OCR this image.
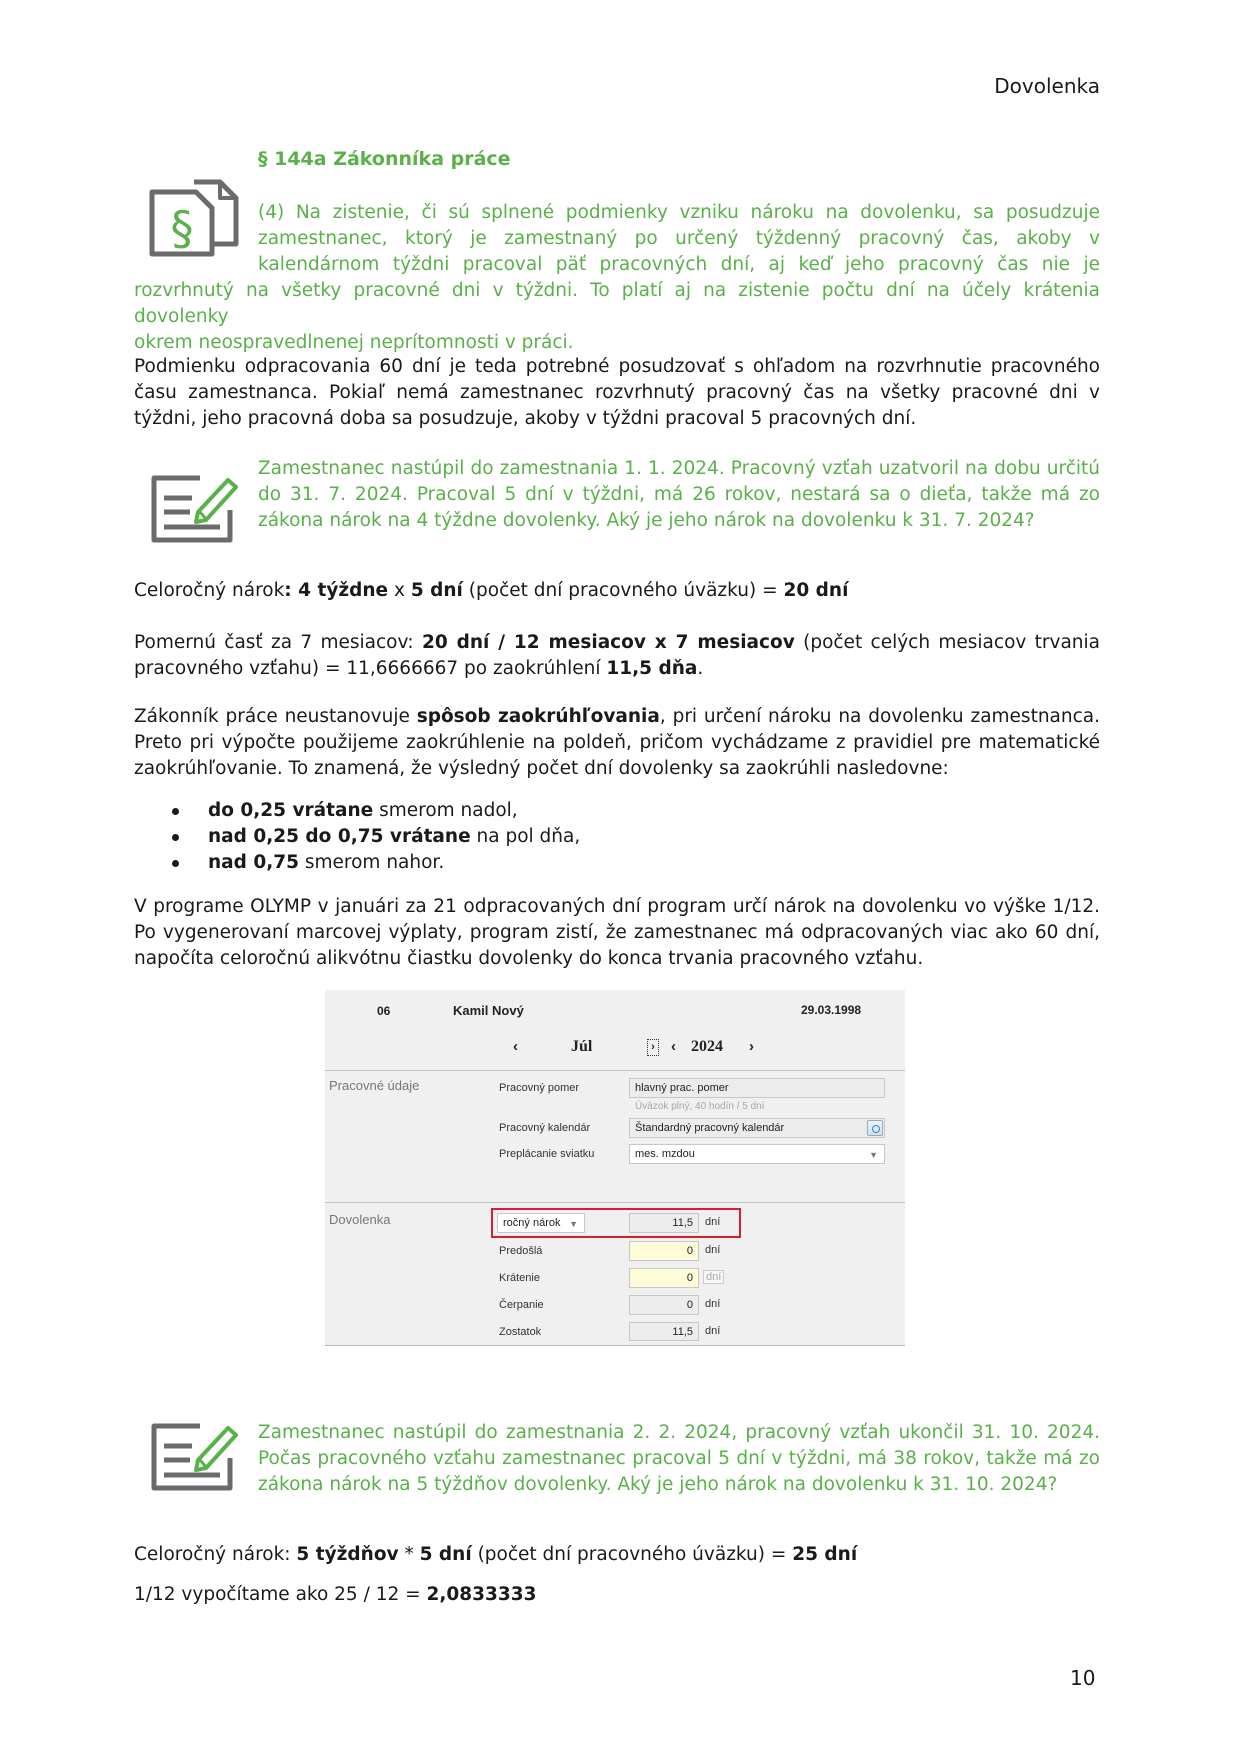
Dovolenka
§
§ 144a Zákonníka práce
(4) Na zistenie, či sú splnené podmienky vzniku nároku na dovolenku, sa posudzuje
zamestnanec, ktorý je zamestnaný po určený týždenný pracovný čas, akoby v
kalendárnom týždni pracoval päť pracovných dní, aj keď jeho pracovný čas nie je
rozvrhnutý na všetky pracovné dni v týždni. To platí aj na zistenie počtu dní na účely krátenia dovolenky
okrem neospravedlnenej neprítomnosti v práci.
Podmienku odpracovania 60 dní je teda potrebné posudzovať s ohľadom na rozvrhnutie pracovného času zamestnanca. Pokiaľ nemá zamestnanec rozvrhnutý pracovný čas na všetky pracovné dni v týždni, jeho pracovná doba sa posudzuje, akoby v týždni pracoval 5 pracovných dní.
Zamestnanec nastúpil do zamestnania 1. 1. 2024. Pracovný vzťah uzatvoril na dobu určitú do 31. 7. 2024. Pracoval 5 dní v týždni, má 26 rokov, nestará sa o dieťa, takže má zo zákona nárok na 4 týždne dovolenky. Aký je jeho nárok na dovolenku k 31. 7. 2024?
Celoročný nárok: 4 týždne x 5 dní (počet dní pracovného úväzku) = 20 dní
Pomernú časť za 7 mesiacov: 20 dní / 12 mesiacov x 7 mesiacov (počet celých mesiacov trvania pracovného vzťahu) = 11,6666667 po zaokrúhlení 11,5 dňa.
Zákonník práce neustanovuje spôsob zaokrúhľovania, pri určení nároku na dovolenku zamestnanca. Preto pri výpočte použijeme zaokrúhlenie na poldeň, pričom vychádzame z pravidiel pre matematické zaokrúhľovanie. To znamená, že výsledný počet dní dovolenky sa zaokrúhli nasledovne:
do 0,25 vrátane smerom nadol,
nad 0,25 do 0,75 vrátane na pol dňa,
nad 0,75 smerom nahor.
V programe OLYMP v januári za 21 odpracovaných dní program určí nárok na dovolenku vo výške 1/12. Po vygenerovaní marcovej výplaty, program zistí, že zamestnanec má odpracovaných viac ako 60 dní, napočíta celoročnú alikvótnu čiastku dovolenky do konca trvania pracovného vzťahu.
06	Kamil Nový	29.03.1998
‹	Júl	› ‹ 2024 ›
Pracovné údaje	Pracovný pomer	hlavný prac. pomer
Úväzok plný, 40 hodín / 5 dní
Pracovný kalendár	Štandardný pracovný kalendár
Preplácanie sviatku	mes. mzdou	▼
Dovolenka	ročný nárok ▼	11,5	dní
Predošlá	0	dní
Krátenie	0	dní
Čerpanie	0	dní
Zostatok	11,5	dní
Zamestnanec nastúpil do zamestnania 2. 2. 2024, pracovný vzťah ukončil 31. 10. 2024. Počas pracovného vzťahu zamestnanec pracoval 5 dní v týždni, má 38 rokov, takže má zo zákona nárok na 5 týždňov dovolenky. Aký je jeho nárok na dovolenku k 31. 10. 2024?
Celoročný nárok: 5 týždňov * 5 dní (počet dní pracovného úväzku) = 25 dní
1/12 vypočítame ako 25 / 12 = 2,0833333
10
